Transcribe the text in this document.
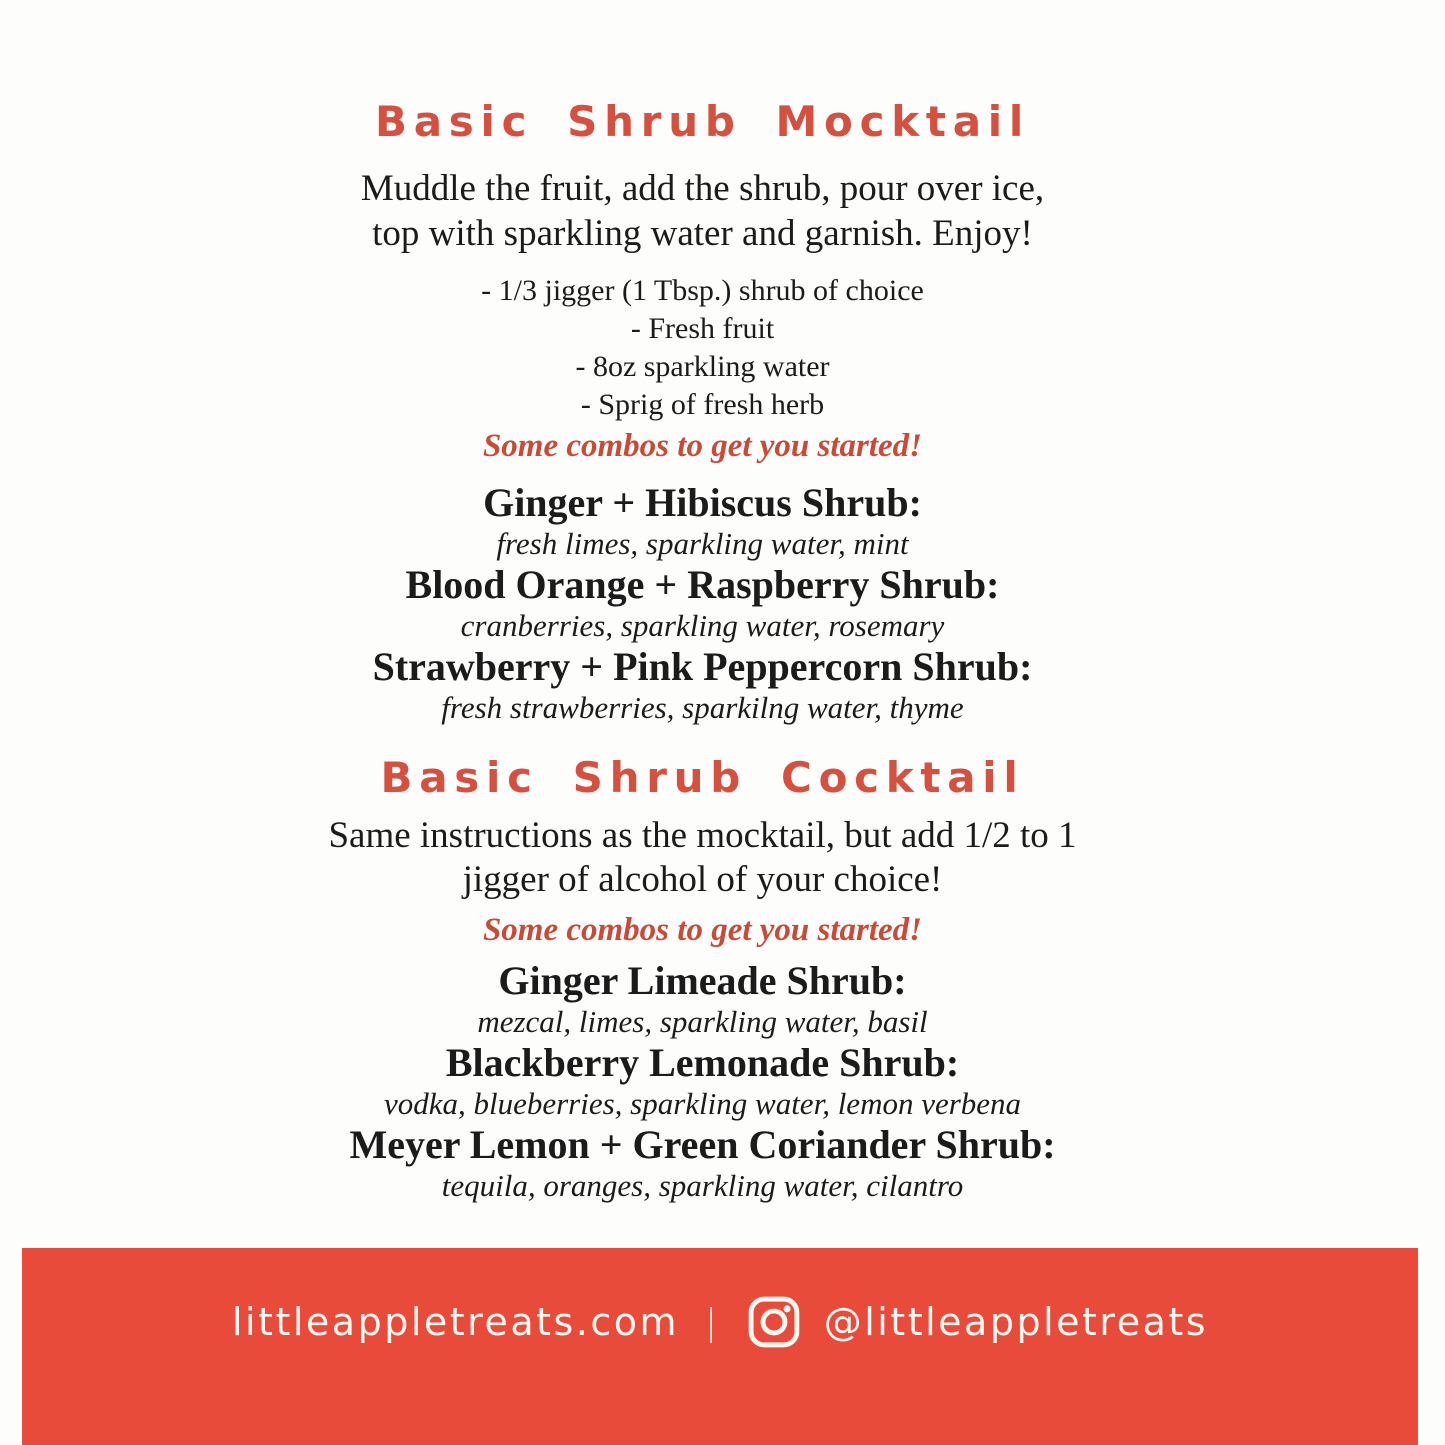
Basic Shrub Mocktail
Muddle the fruit, add the shrub, pour over ice,
top with sparkling water and garnish. Enjoy!
- 1/3 jigger (1 Tbsp.) shrub of choice
- Fresh fruit
- 8oz sparkling water
- Sprig of fresh herb
Some combos to get you started!
Ginger + Hibiscus Shrub:
fresh limes, sparkling water, mint
Blood Orange + Raspberry Shrub:
cranberries, sparkling water, rosemary
Strawberry + Pink Peppercorn Shrub:
fresh strawberries, sparkilng water, thyme
Basic Shrub Cocktail
Same instructions as the mocktail, but add 1/2 to 1
jigger of alcohol of your choice!
Some combos to get you started!
Ginger Limeade Shrub:
mezcal, limes, sparkling water, basil
Blackberry Lemonade Shrub:
vodka, blueberries, sparkling water, lemon verbena
Meyer Lemon + Green Coriander Shrub:
tequila, oranges, sparkling water, cilantro
littleappletreats.com |	@littleappletreats
